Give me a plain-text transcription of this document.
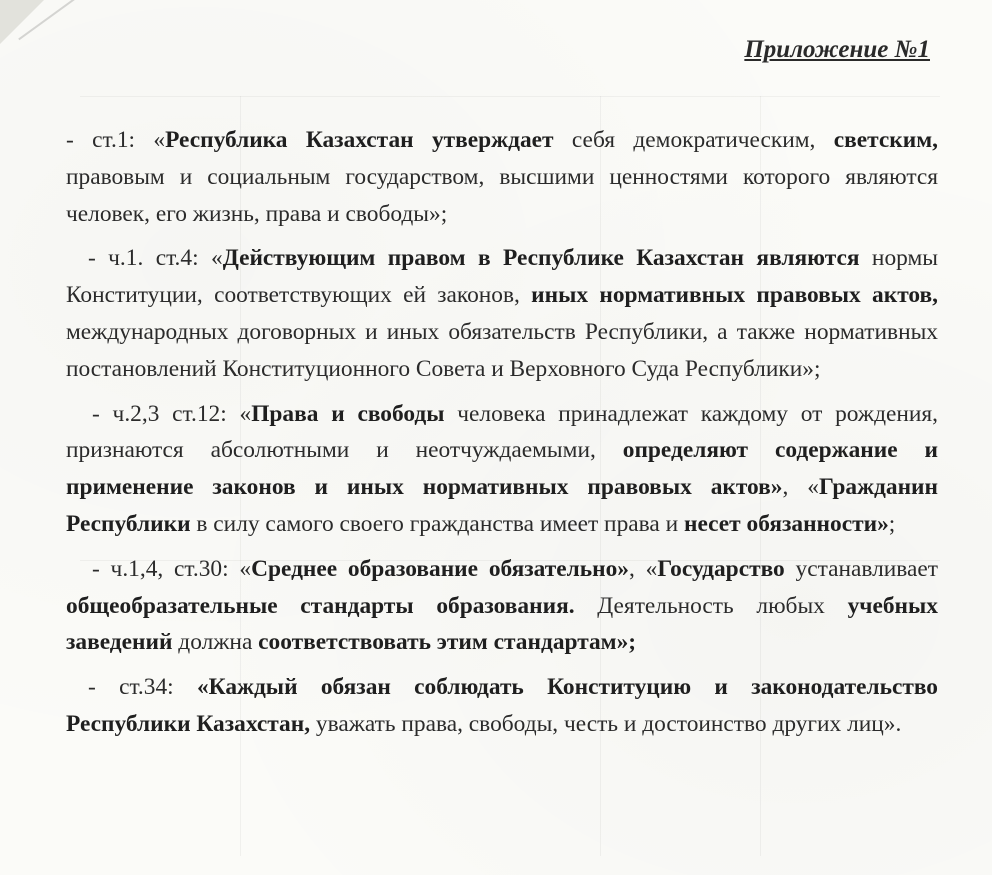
Приложение №1

- ст.1: «Республика Казахстан утверждает себя демократическим, светским, правовым и социальным государством, высшими ценностями которого являются человек, его жизнь, права и свободы»;

- ч.1. ст.4: «Действующим правом в Республике Казахстан являются нормы Конституции, соответствующих ей законов, иных нормативных правовых актов, международных договорных и иных обязательств Республики, а также нормативных постановлений Конституционного Совета и Верховного Суда Республики»;

- ч.2,3 ст.12: «Права и свободы человека принадлежат каждому от рождения, признаются абсолютными и неотчуждаемыми, определяют содержание и применение законов и иных нормативных правовых актов», «Гражданин Республики в силу самого своего гражданства имеет права и несет обязанности»;

- ч.1,4, ст.30: «Среднее образование обязательно», «Государство устанавливает общеобразательные стандарты образования. Деятельность любых учебных заведений должна соответствовать этим стандартам»;

- ст.34: «Каждый обязан соблюдать Конституцию и законодательство Республики Казахстан, уважать права, свободы, честь и достоинство других лиц».
